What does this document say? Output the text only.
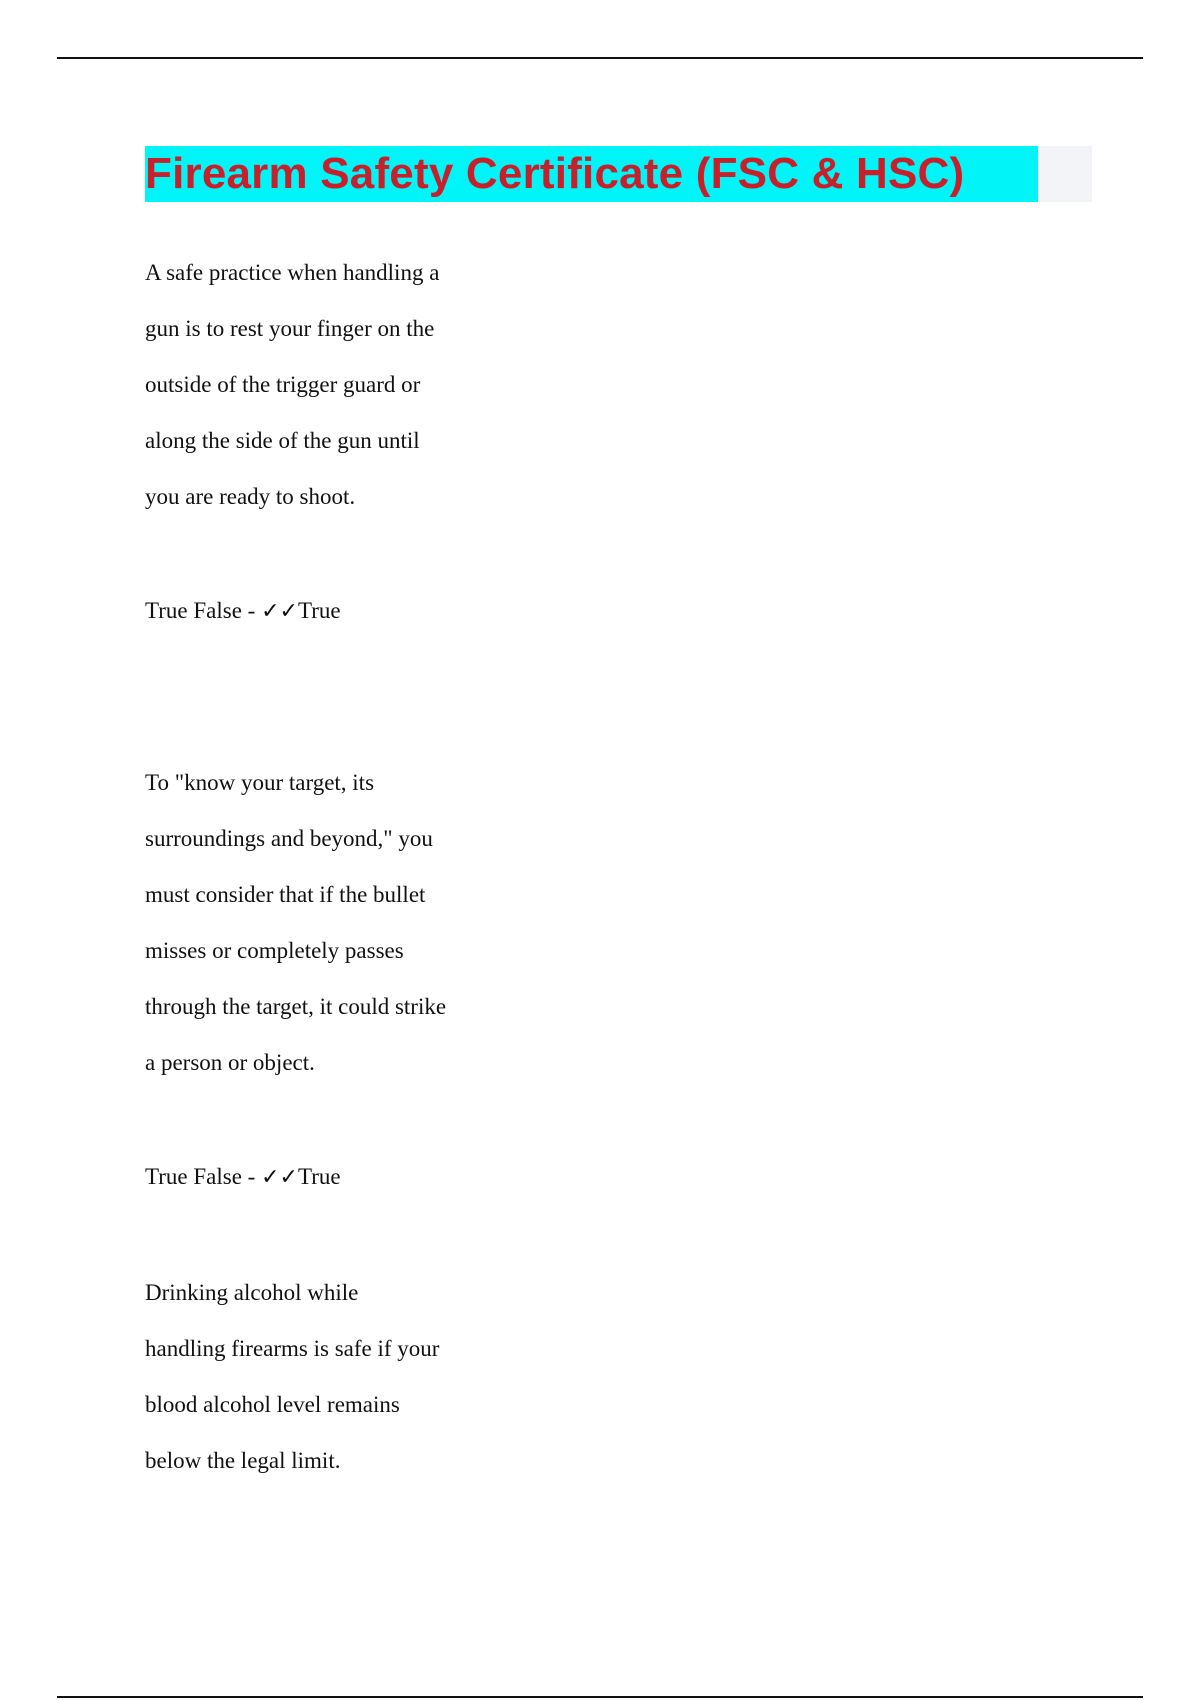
Firearm Safety Certificate (FSC & HSC)

A safe practice when handling a
gun is to rest your finger on the
outside of the trigger guard or
along the side of the gun until
you are ready to shoot.

True False - ✓✓True

To "know your target, its
surroundings and beyond," you
must consider that if the bullet
misses or completely passes
through the target, it could strike
a person or object.

True False - ✓✓True

Drinking alcohol while
handling firearms is safe if your
blood alcohol level remains
below the legal limit.
